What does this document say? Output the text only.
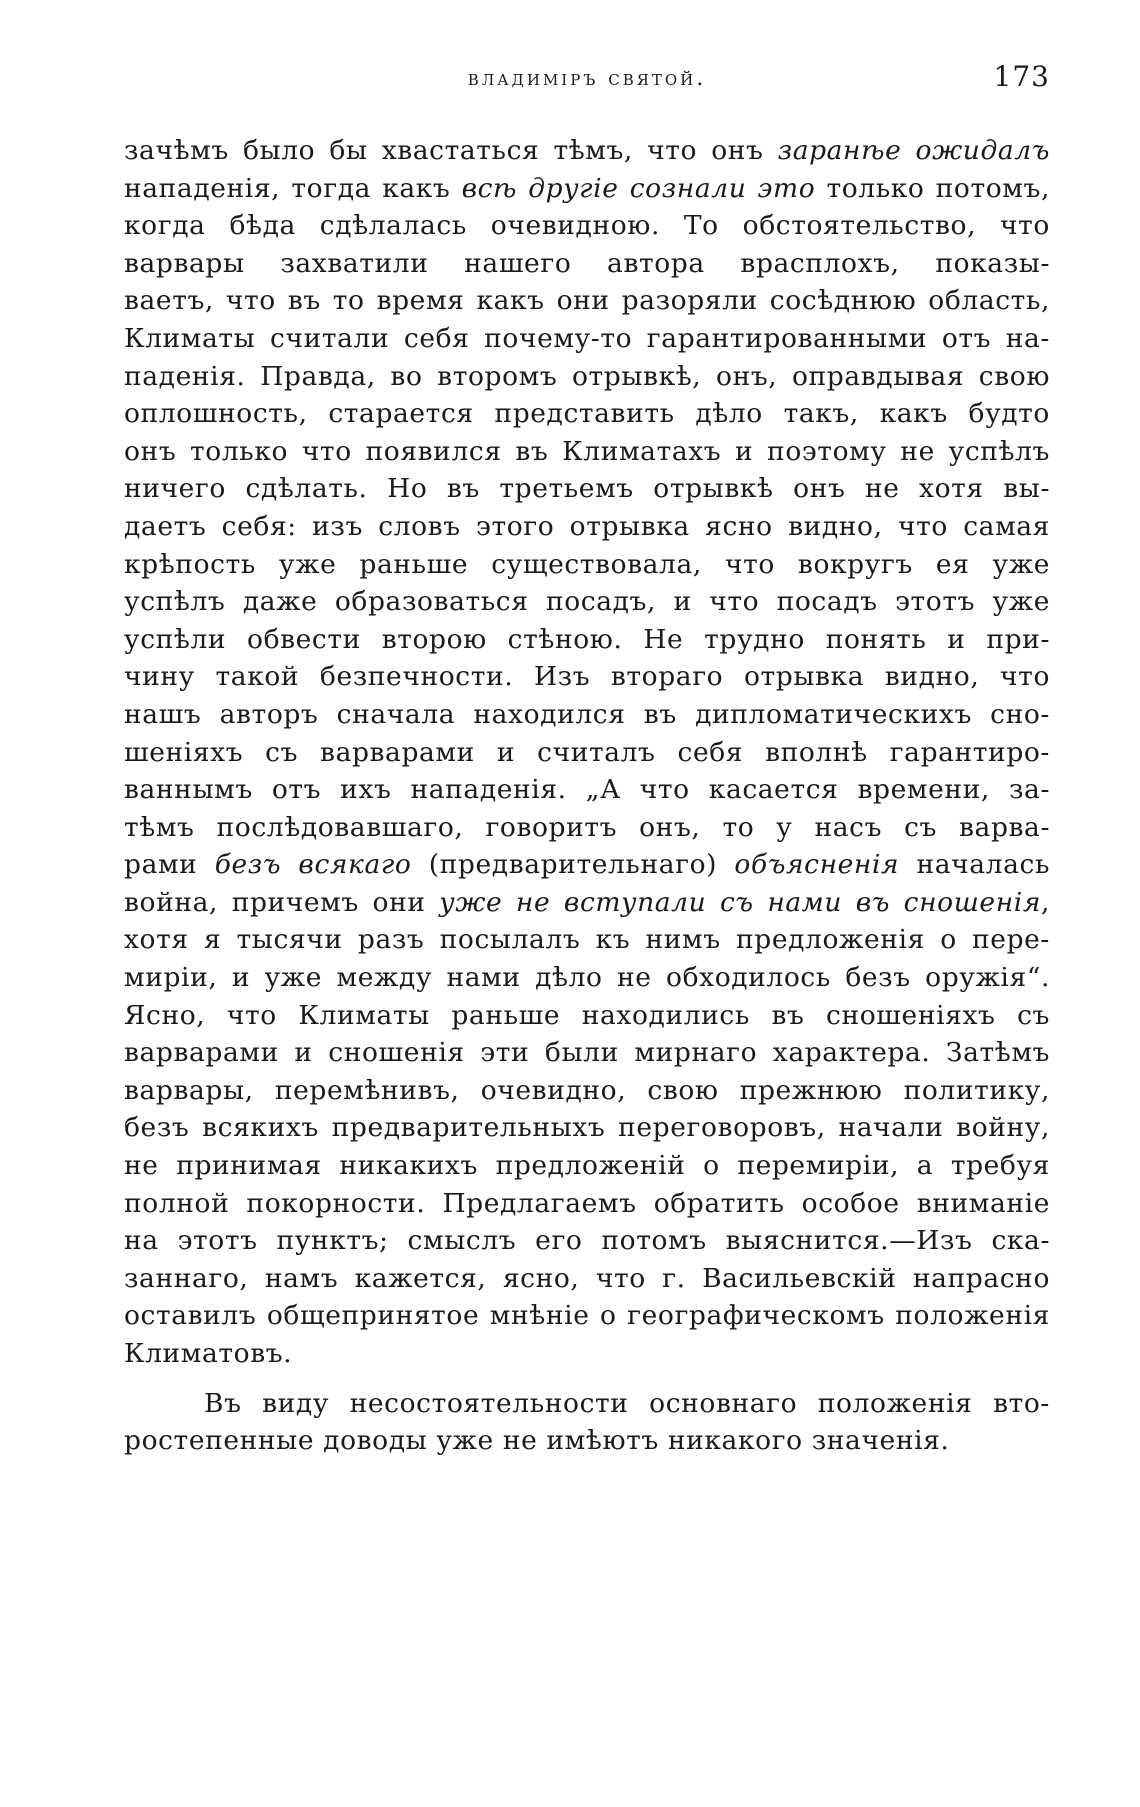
владиміръ святой.	173
зачѣмъ было бы хвастаться тѣмъ, что онъ заранѣе ожидалъ
нападенія, тогда какъ всѣ другіе сознали это только потомъ,
когда бѣда сдѣлалась очевидною. То обстоятельство, что
варвары захватили нашего автора врасплохъ, показы-
ваетъ, что въ то время какъ они разоряли сосѣднюю область,
Климаты считали себя почему-то гарантированными отъ на-
паденія. Правда, во второмъ отрывкѣ, онъ, оправдывая свою
оплошность, старается представить дѣло такъ, какъ будто
онъ только что появился въ Климатахъ и поэтому не успѣлъ
ничего сдѣлать. Но въ третьемъ отрывкѣ онъ не хотя вы-
даетъ себя: изъ словъ этого отрывка ясно видно, что самая
крѣпость уже раньше существовала, что вокругъ ея уже
успѣлъ даже образоваться посадъ, и что посадъ этотъ уже
успѣли обвести второю стѣною. Не трудно понять и при-
чину такой безпечности. Изъ втораго отрывка видно, что
нашъ авторъ сначала находился въ дипломатическихъ сно-
шеніяхъ съ варварами и считалъ себя вполнѣ гарантиро-
ваннымъ отъ ихъ нападенія. „А что касается времени, за-
тѣмъ послѣдовавшаго, говоритъ онъ, то у насъ съ варва-
рами безъ всякаго (предварительнаго) объясненія началась
война, причемъ они уже не вступали съ нами въ сношенія,
хотя я тысячи разъ посылалъ къ нимъ предложенія о пере-
миріи, и уже между нами дѣло не обходилось безъ оружія“.
Ясно, что Климаты раньше находились въ сношеніяхъ съ
варварами и сношенія эти были мирнаго характера. Затѣмъ
варвары, перемѣнивъ, очевидно, свою прежнюю политику,
безъ всякихъ предварительныхъ переговоровъ, начали войну,
не принимая никакихъ предложеній о перемиріи, а требуя
полной покорности. Предлагаемъ обратить особое вниманіе
на этотъ пунктъ; смыслъ его потомъ выяснится.—Изъ ска-
заннаго, намъ кажется, ясно, что г. Васильевскій напрасно
оставилъ общепринятое мнѣніе о географическомъ положенія
Климатовъ.
Въ виду несостоятельности основнаго положенія вто-
ростепенные доводы уже не имѣютъ никакого значенія.
